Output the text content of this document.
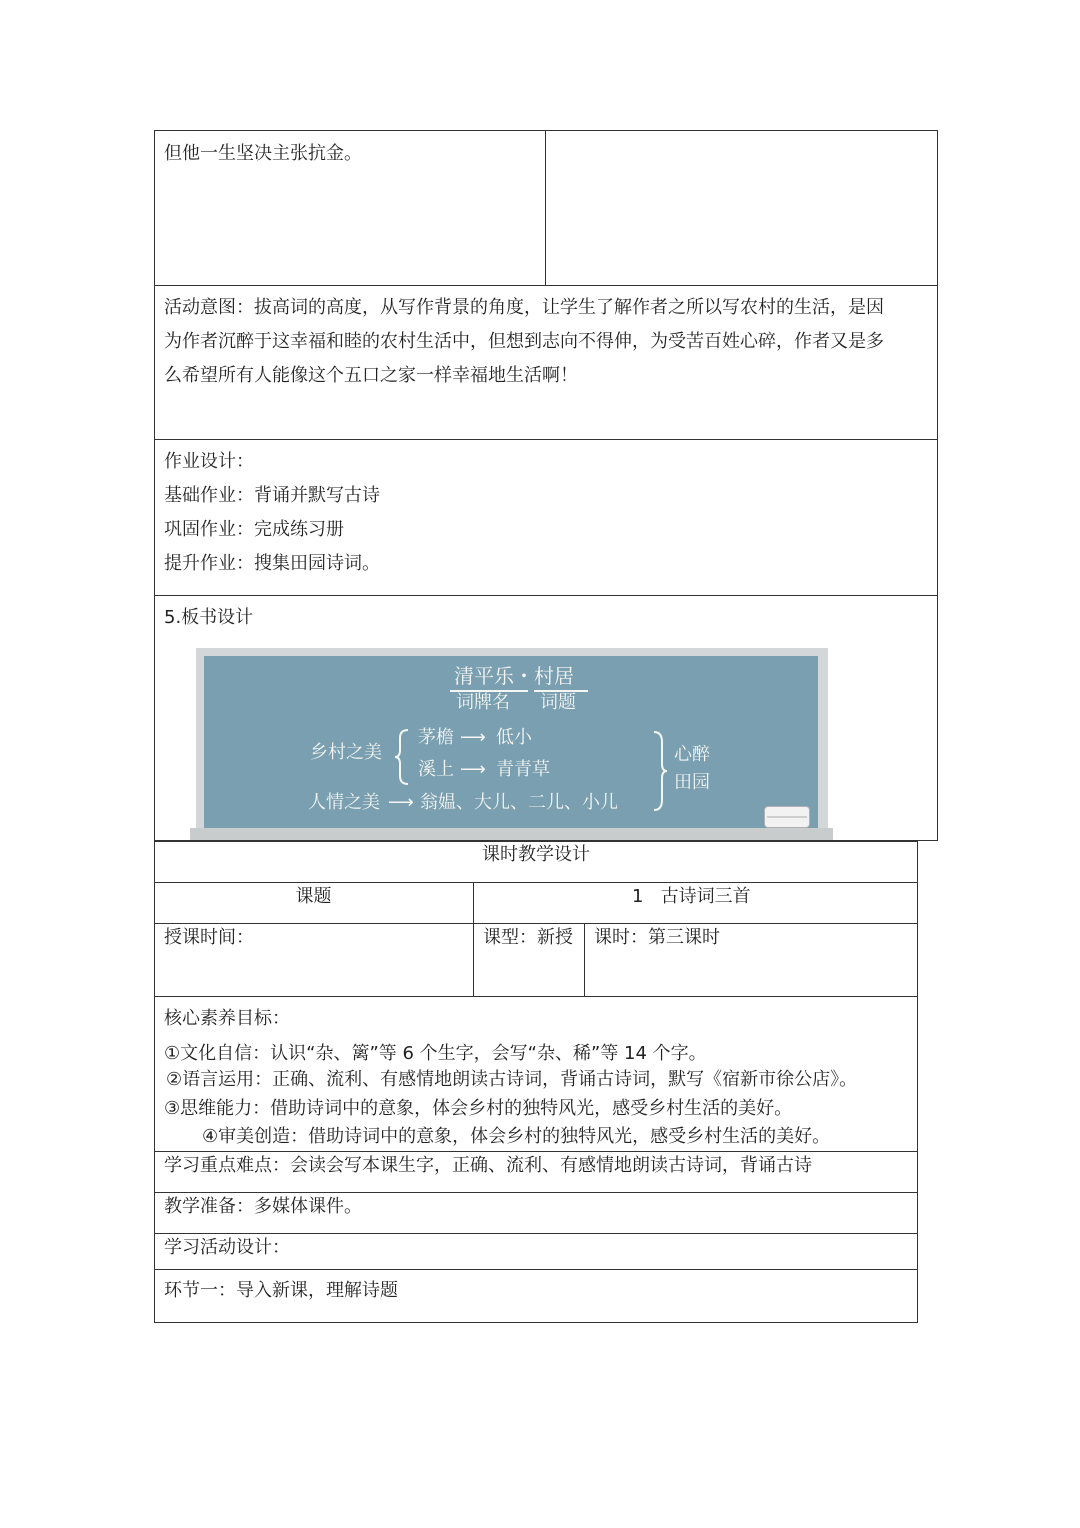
但他一生坚决主张抗金。
活动意图：拔高词的高度，从写作背景的角度，让学生了解作者之所以写农村的生活，是因
为作者沉醉于这幸福和睦的农村生活中，但想到志向不得伸，为受苦百姓心碎，作者又是多
么希望所有人能像这个五口之家一样幸福地生活啊！
作业设计：
基础作业：背诵并默写古诗
巩固作业：完成练习册
提升作业：搜集田园诗词。
5.板书设计
清平乐・村居
词牌名 词题
乡村之美
茅檐 ⟶ 低小
溪上 ⟶ 青青草
人情之美 ⟶ 翁媪、大儿、二儿、小儿
心醉
田园
课时教学设计
课题	1   古诗词三首
授课时间：	课型：新授 课时：第三课时
核心素养目标：
①文化自信：认识“杂、篱”等 6 个生字，会写“杂、稀”等 14 个字。
②语言运用：正确、流利、有感情地朗读古诗词，背诵古诗词，默写《宿新市徐公店》。
③思维能力：借助诗词中的意象，体会乡村的独特风光，感受乡村生活的美好。
④审美创造：借助诗词中的意象，体会乡村的独特风光，感受乡村生活的美好。
学习重点难点：会读会写本课生字，正确、流利、有感情地朗读古诗词，背诵古诗
教学准备：多媒体课件。
学习活动设计：
环节一：导入新课，理解诗题
